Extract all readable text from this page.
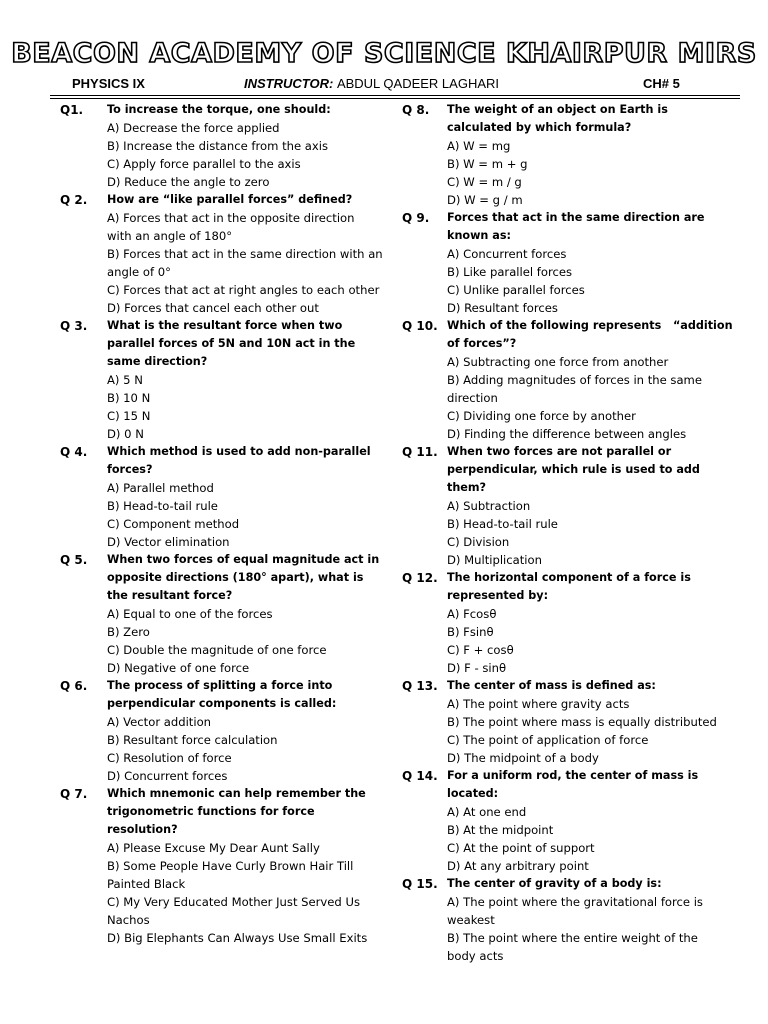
BEACON ACADEMY OF SCIENCE KHAIRPUR MIRS
PHYSICS IX	INSTRUCTOR: ABDUL QADEER LAGHARI	CH# 5
Q1. To increase the torque, one should:
A) Decrease the force applied
B) Increase the distance from the axis
C) Apply force parallel to the axis
D) Reduce the angle to zero
Q 2. How are “like parallel forces” defined?
A) Forces that act in the opposite direction
with an angle of 180°
B) Forces that act in the same direction with an
angle of 0°
C) Forces that act at right angles to each other
D) Forces that cancel each other out
Q 3. What is the resultant force when two
parallel forces of 5N and 10N act in the
same direction?
A) 5 N
B) 10 N
C) 15 N
D) 0 N
Q 4. Which method is used to add non-parallel
forces?
A) Parallel method
B) Head-to-tail rule
C) Component method
D) Vector elimination
Q 5. When two forces of equal magnitude act in
opposite directions (180° apart), what is
the resultant force?
A) Equal to one of the forces
B) Zero
C) Double the magnitude of one force
D) Negative of one force
Q 6. The process of splitting a force into
perpendicular components is called:
A) Vector addition
B) Resultant force calculation
C) Resolution of force
D) Concurrent forces
Q 7. Which mnemonic can help remember the
trigonometric functions for force
resolution?
A) Please Excuse My Dear Aunt Sally
B) Some People Have Curly Brown Hair Till
Painted Black
C) My Very Educated Mother Just Served Us
Nachos
D) Big Elephants Can Always Use Small Exits
Q 8. The weight of an object on Earth is
calculated by which formula?
A) W = mg
B) W = m + g
C) W = m / g
D) W = g / m
Q 9. Forces that act in the same direction are
known as:
A) Concurrent forces
B) Like parallel forces
C) Unlike parallel forces
D) Resultant forces
Q 10. Which of the following represents   “addition
of forces”?
A) Subtracting one force from another
B) Adding magnitudes of forces in the same
direction
C) Dividing one force by another
D) Finding the difference between angles
Q 11. When two forces are not parallel or
perpendicular, which rule is used to add
them?
A) Subtraction
B) Head-to-tail rule
C) Division
D) Multiplication
Q 12. The horizontal component of a force is
represented by:
A) Fcosθ
B) Fsinθ
C) F + cosθ
D) F - sinθ
Q 13. The center of mass is defined as:
A) The point where gravity acts
B) The point where mass is equally distributed
C) The point of application of force
D) The midpoint of a body
Q 14. For a uniform rod, the center of mass is
located:
A) At one end
B) At the midpoint
C) At the point of support
D) At any arbitrary point
Q 15. The center of gravity of a body is:
A) The point where the gravitational force is
weakest
B) The point where the entire weight of the
body acts
